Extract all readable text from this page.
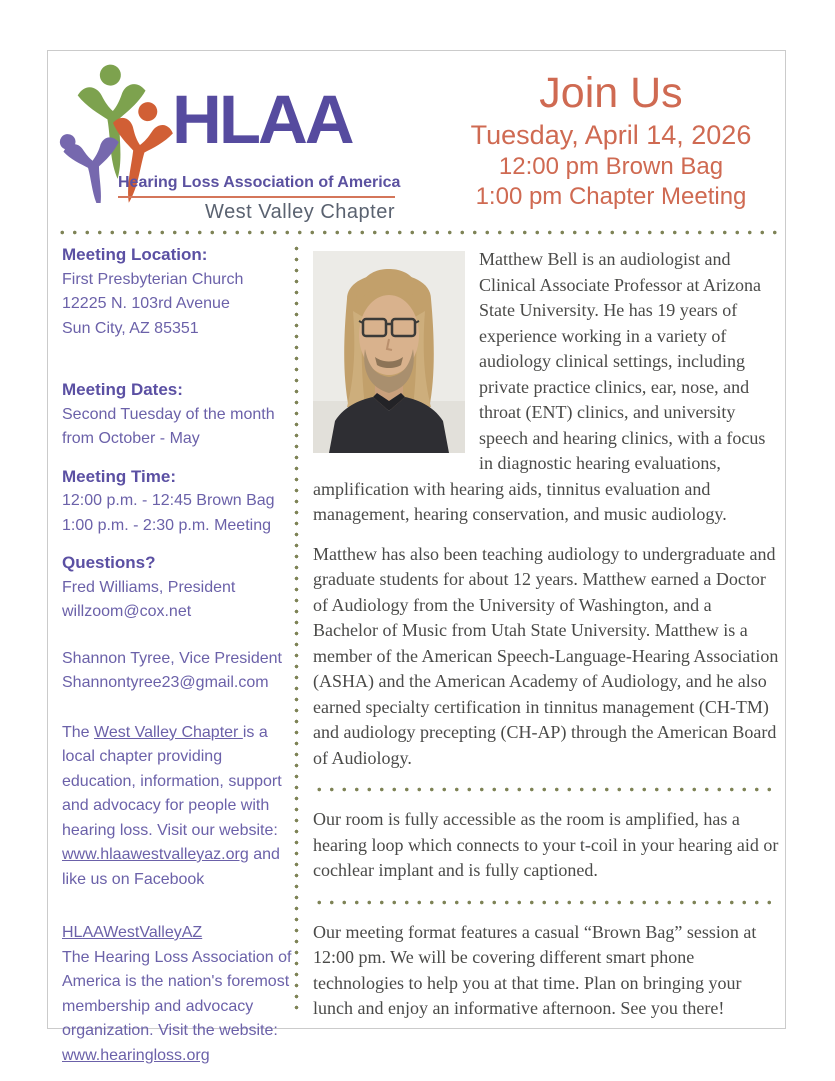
HLAA
Hearing Loss Association of America
West Valley Chapter
Join Us
Tuesday, April 14, 2026
12:00 pm Brown Bag
1:00 pm Chapter Meeting
Meeting Location:
First Presbyterian Church
12225 N. 103rd Avenue
Sun City, AZ 85351
Meeting Dates:
Second Tuesday of the month from October - May
Meeting Time:
12:00 p.m. - 12:45 Brown Bag
1:00 p.m. - 2:30 p.m. Meeting
Questions?
Fred Williams, President
willzoom@cox.net
Shannon Tyree, Vice President
Shannontyree23@gmail.com
The West Valley Chapter is a local chapter providing education, information, support and advocacy for people with hearing loss. Visit our website: www.hlaawestvalleyaz.org and like us on Facebook
HLAAWestValleyAZ
The Hearing Loss Association of America is the nation's foremost membership and advocacy organization. Visit the website: www.hearingloss.org

Matthew Bell is an audiologist and Clinical Associate Professor at Arizona State University. He has 19 years of experience working in a variety of audiology clinical settings, including private practice clinics, ear, nose, and throat (ENT) clinics, and university speech and hearing clinics, with a focus in diagnostic hearing evaluations, amplification with hearing aids, tinnitus evaluation and management, hearing conservation, and music audiology.

Matthew has also been teaching audiology to undergraduate and graduate students for about 12 years. Matthew earned a Doctor of Audiology from the University of Washington, and a Bachelor of Music from Utah State University. Matthew is a member of the American Speech-Language-Hearing Association (ASHA) and the American Academy of Audiology, and he also earned specialty certification in tinnitus management (CH-TM) and audiology precepting (CH-AP) through the American Board of Audiology.

Our room is fully accessible as the room is amplified, has a hearing loop which connects to your t-coil in your hearing aid or cochlear implant and is fully captioned.

Our meeting format features a casual “Brown Bag” session at 12:00 pm. We will be covering different smart phone technologies to help you at that time. Plan on bringing your lunch and enjoy an informative afternoon. See you there!
